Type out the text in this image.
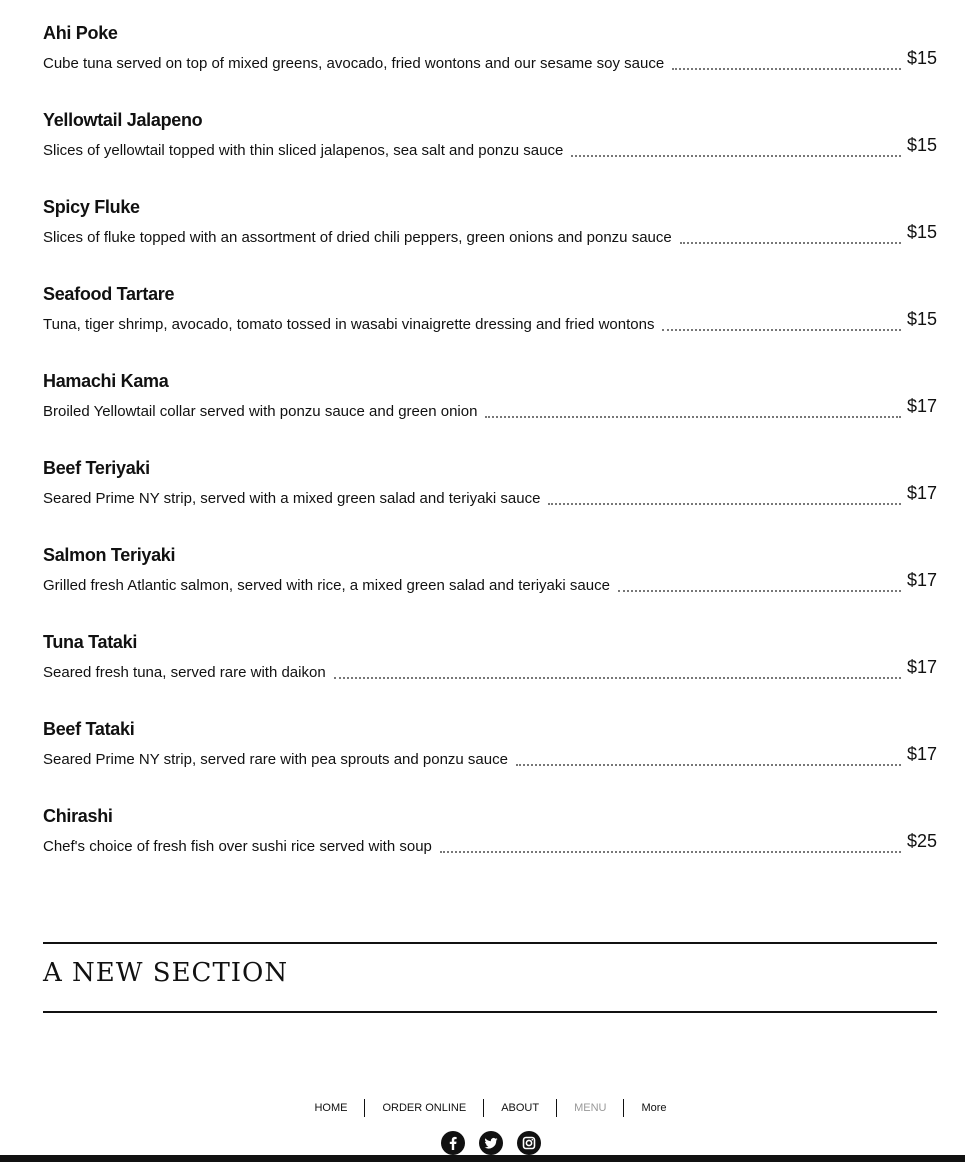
Ahi Poke
Cube tuna served on top of mixed greens, avocado, fried wontons and our sesame soy sauce	$15
Yellowtail Jalapeno
Slices of yellowtail topped with thin sliced jalapenos, sea salt and ponzu sauce	$15
Spicy Fluke
Slices of fluke topped with an assortment of dried chili peppers, green onions and ponzu sauce	$15
Seafood Tartare
Tuna, tiger shrimp, avocado, tomato tossed in wasabi vinaigrette dressing and fried wontons	$15
Hamachi Kama
Broiled Yellowtail collar served with ponzu sauce and green onion	$17
Beef Teriyaki
Seared Prime NY strip, served with a mixed green salad and teriyaki sauce	$17
Salmon Teriyaki
Grilled fresh Atlantic salmon, served with rice, a mixed green salad and teriyaki sauce	$17
Tuna Tataki
Seared fresh tuna, served rare with daikon	$17
Beef Tataki
Seared Prime NY strip, served rare with pea sprouts and ponzu sauce	$17
Chirashi
Chef's choice of fresh fish over sushi rice served with soup	$25
A NEW SECTION
HOME	ORDER ONLINE	ABOUT	MENU	More
